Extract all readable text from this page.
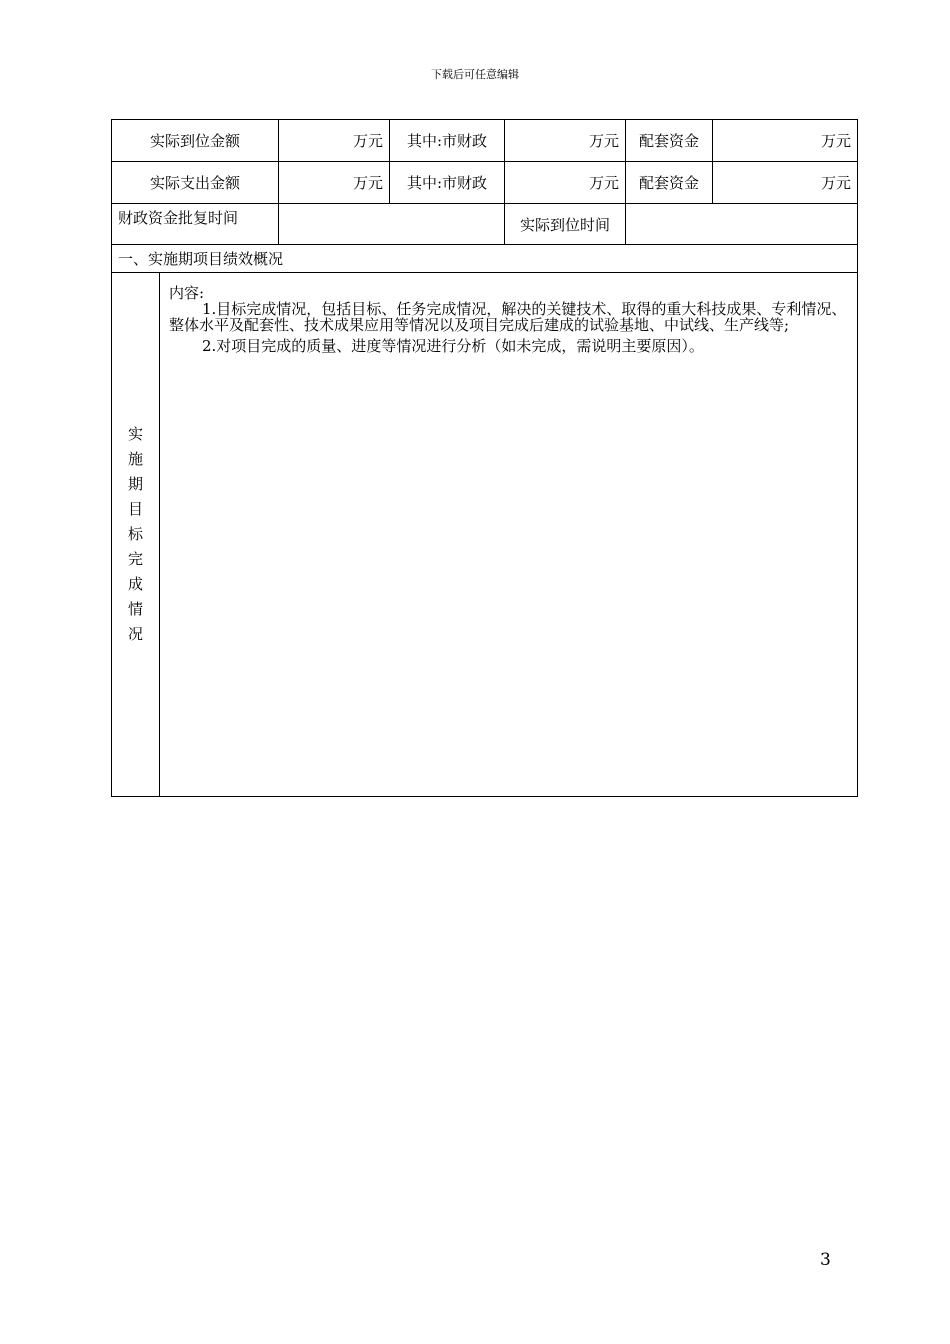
下载后可任意编辑
实际到位金额		万元	其中:市财政	万元	配套资金	万元
实际支出金额		万元	其中:市财政	万元	配套资金	万元
财政资金批复时间				实际到位时间		
一、实施期项目绩效概况						
实施期目标完成情况	内容:

1.目标完成情况，包括目标、任务完成情况，解决的关键技术、取得的重大科技成果、专利情况、整体水平及配套性、技术成果应用等情况以及项目完成后建成的试验基地、中试线、生产线等;

2.对项目完成的质量、进度等情况进行分析（如未完成，需说明主要原因）。					

3
